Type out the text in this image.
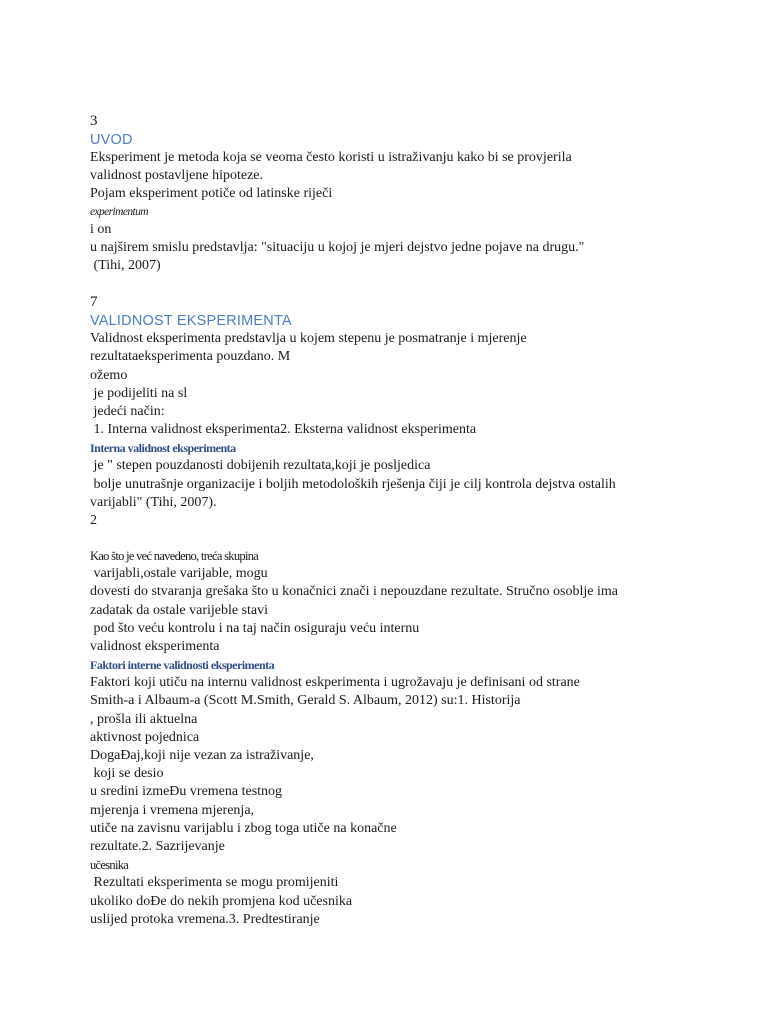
3
UVOD
Eksperiment je metoda koja se veoma često koristi u istraživanju kako bi se provjerila
validnost postavljene hipoteze.
Pojam eksperiment potiče od latinske riječi
experimentum
i on
u najširem smislu predstavlja: "situaciju u kojoj je mjeri dejstvo jedne pojave na drugu."
(Tihi, 2007)
7
VALIDNOST EKSPERIMENTA
Validnost eksperimenta predstavlja u kojem stepenu je posmatranje i mjerenje
rezultataeksperimenta pouzdano. M
ožemo
je podijeliti na sl
jedeći način:
1. Interna validnost eksperimenta2. Eksterna validnost eksperimenta
Interna validnost eksperimenta
je " stepen pouzdanosti dobijenih rezultata,koji je posljedica
bolje unutrašnje organizacije i boljih metodoloških rješenja čiji je cilj kontrola dejstva ostalih
varijabli" (Tihi, 2007).
2
Kao što je već navedeno, treća skupina
varijabli,ostale varijable, mogu
dovesti do stvaranja grešaka što u konačnici znači i nepouzdane rezultate. Stručno osoblje ima
zadatak da ostale varijeble stavi
pod što veću kontrolu i na taj način osiguraju veću internu
validnost eksperimenta
Faktori interne validnosti eksperimenta
Faktori koji utiču na internu validnost eskperimenta i ugrožavaju je definisani od strane
Smith-a i Albaum-a (Scott M.Smith, Gerald S. Albaum, 2012) su:1. Historija
, prošla ili aktuelna
aktivnost pojednica
DogaĐaj,koji nije vezan za istraživanje,
koji se desio
u sredini izmeĐu vremena testnog
mjerenja i vremena mjerenja,
utiče na zavisnu varijablu i zbog toga utiče na konačne
rezultate.2. Sazrijevanje
učesnika
Rezultati eksperimenta se mogu promijeniti
ukoliko doĐe do nekih promjena kod učesnika
uslijed protoka vremena.3. Predtestiranje
